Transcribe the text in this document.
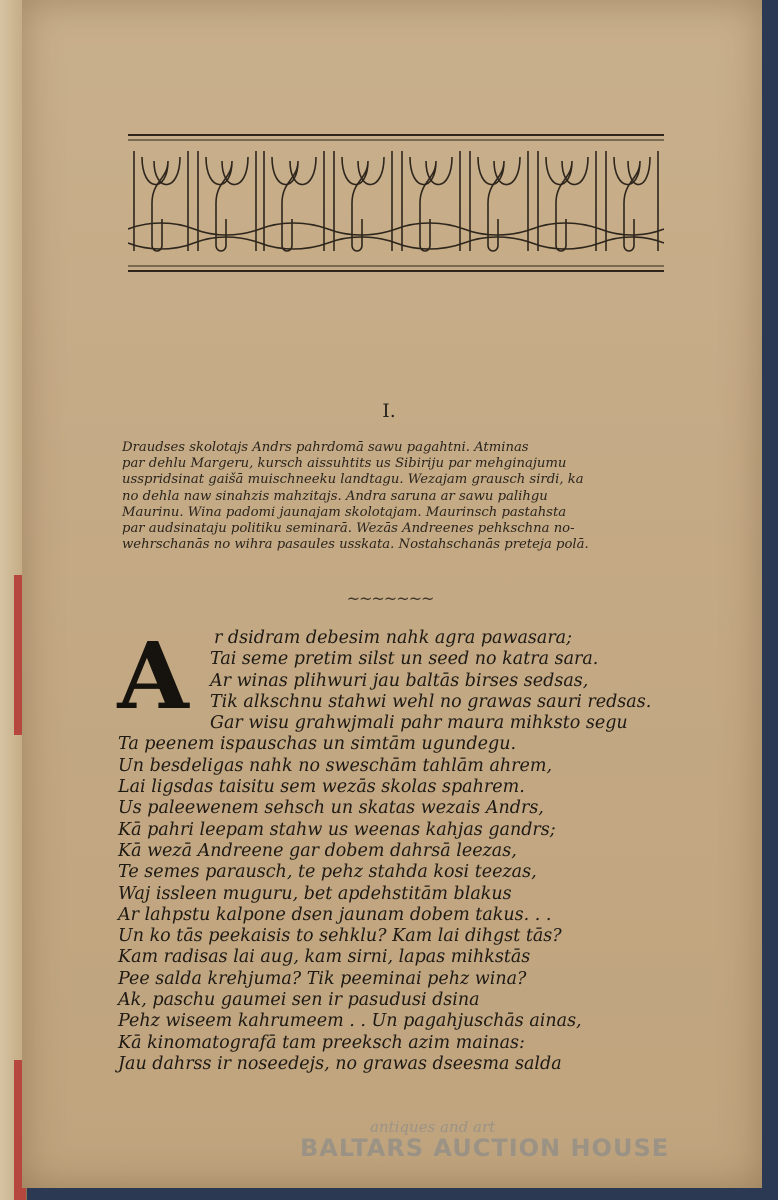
I.
Draudses skolotajs Andrs pahrdomā sawu pagahtni. Atminas
par dehlu Margeru, kursch aissuhtits us Sibiriju par mehginajumu
usspridsinat gaišā muischneeku landtagu. Wezajam grausch sirdi, ka
no dehla naw sinahzis mahzitajs. Andra saruna ar sawu palihgu
Maurinu. Wina padomi jaunajam skolotajam. Maurinsch pastahsta
par audsinataju politiku seminarā. Wezās Andreenes pehkschna no-
wehrschanās no wihra pasaules usskata. Nostahschanās preteja polā.
~~~~~~~
A	r dsidram debesim nahk agra pawasara;
Tai seme pretim silst un seed no katra sara.
Ar winas plihwuri jau baltās birses sedsas,
Tik alkschnu stahwi wehl no grawas sauri redsas.
Gar wisu grahwjmali pahr maura mihksto segu
Ta peenem ispauschas un simtām ugundegu.
Un besdeligas nahk no sweschām tahlām ahrem,
Lai ligsdas taisitu sem wezās skolas spahrem.
Us paleewenem sehsch un skatas wezais Andrs,
Kā pahri leepam stahw us weenas kahjas gandrs;
Kā wezā Andreene gar dobem dahrsā leezas,
Te semes parausch, te pehz stahda kosi teezas,
Waj issleen muguru, bet apdehstitām blakus
Ar lahpstu kalpone dsen jaunam dobem takus. . .
Un ko tās peekaisis to sehklu? Kam lai dihgst tās?
Kam radisas lai aug, kam sirni, lapas mihkstās
Pee salda krehjuma? Tik peeminai pehz wina?
Ak, paschu gaumei sen ir pasudusi dsina
Pehz wiseem kahrumeem . . Un pagahjuschās ainas,
Kā kinomatografā tam preeksch azim mainas:
Jau dahrss ir noseedejs, no grawas dseesma salda
antiques and art
BALTARS AUCTION HOUSE
